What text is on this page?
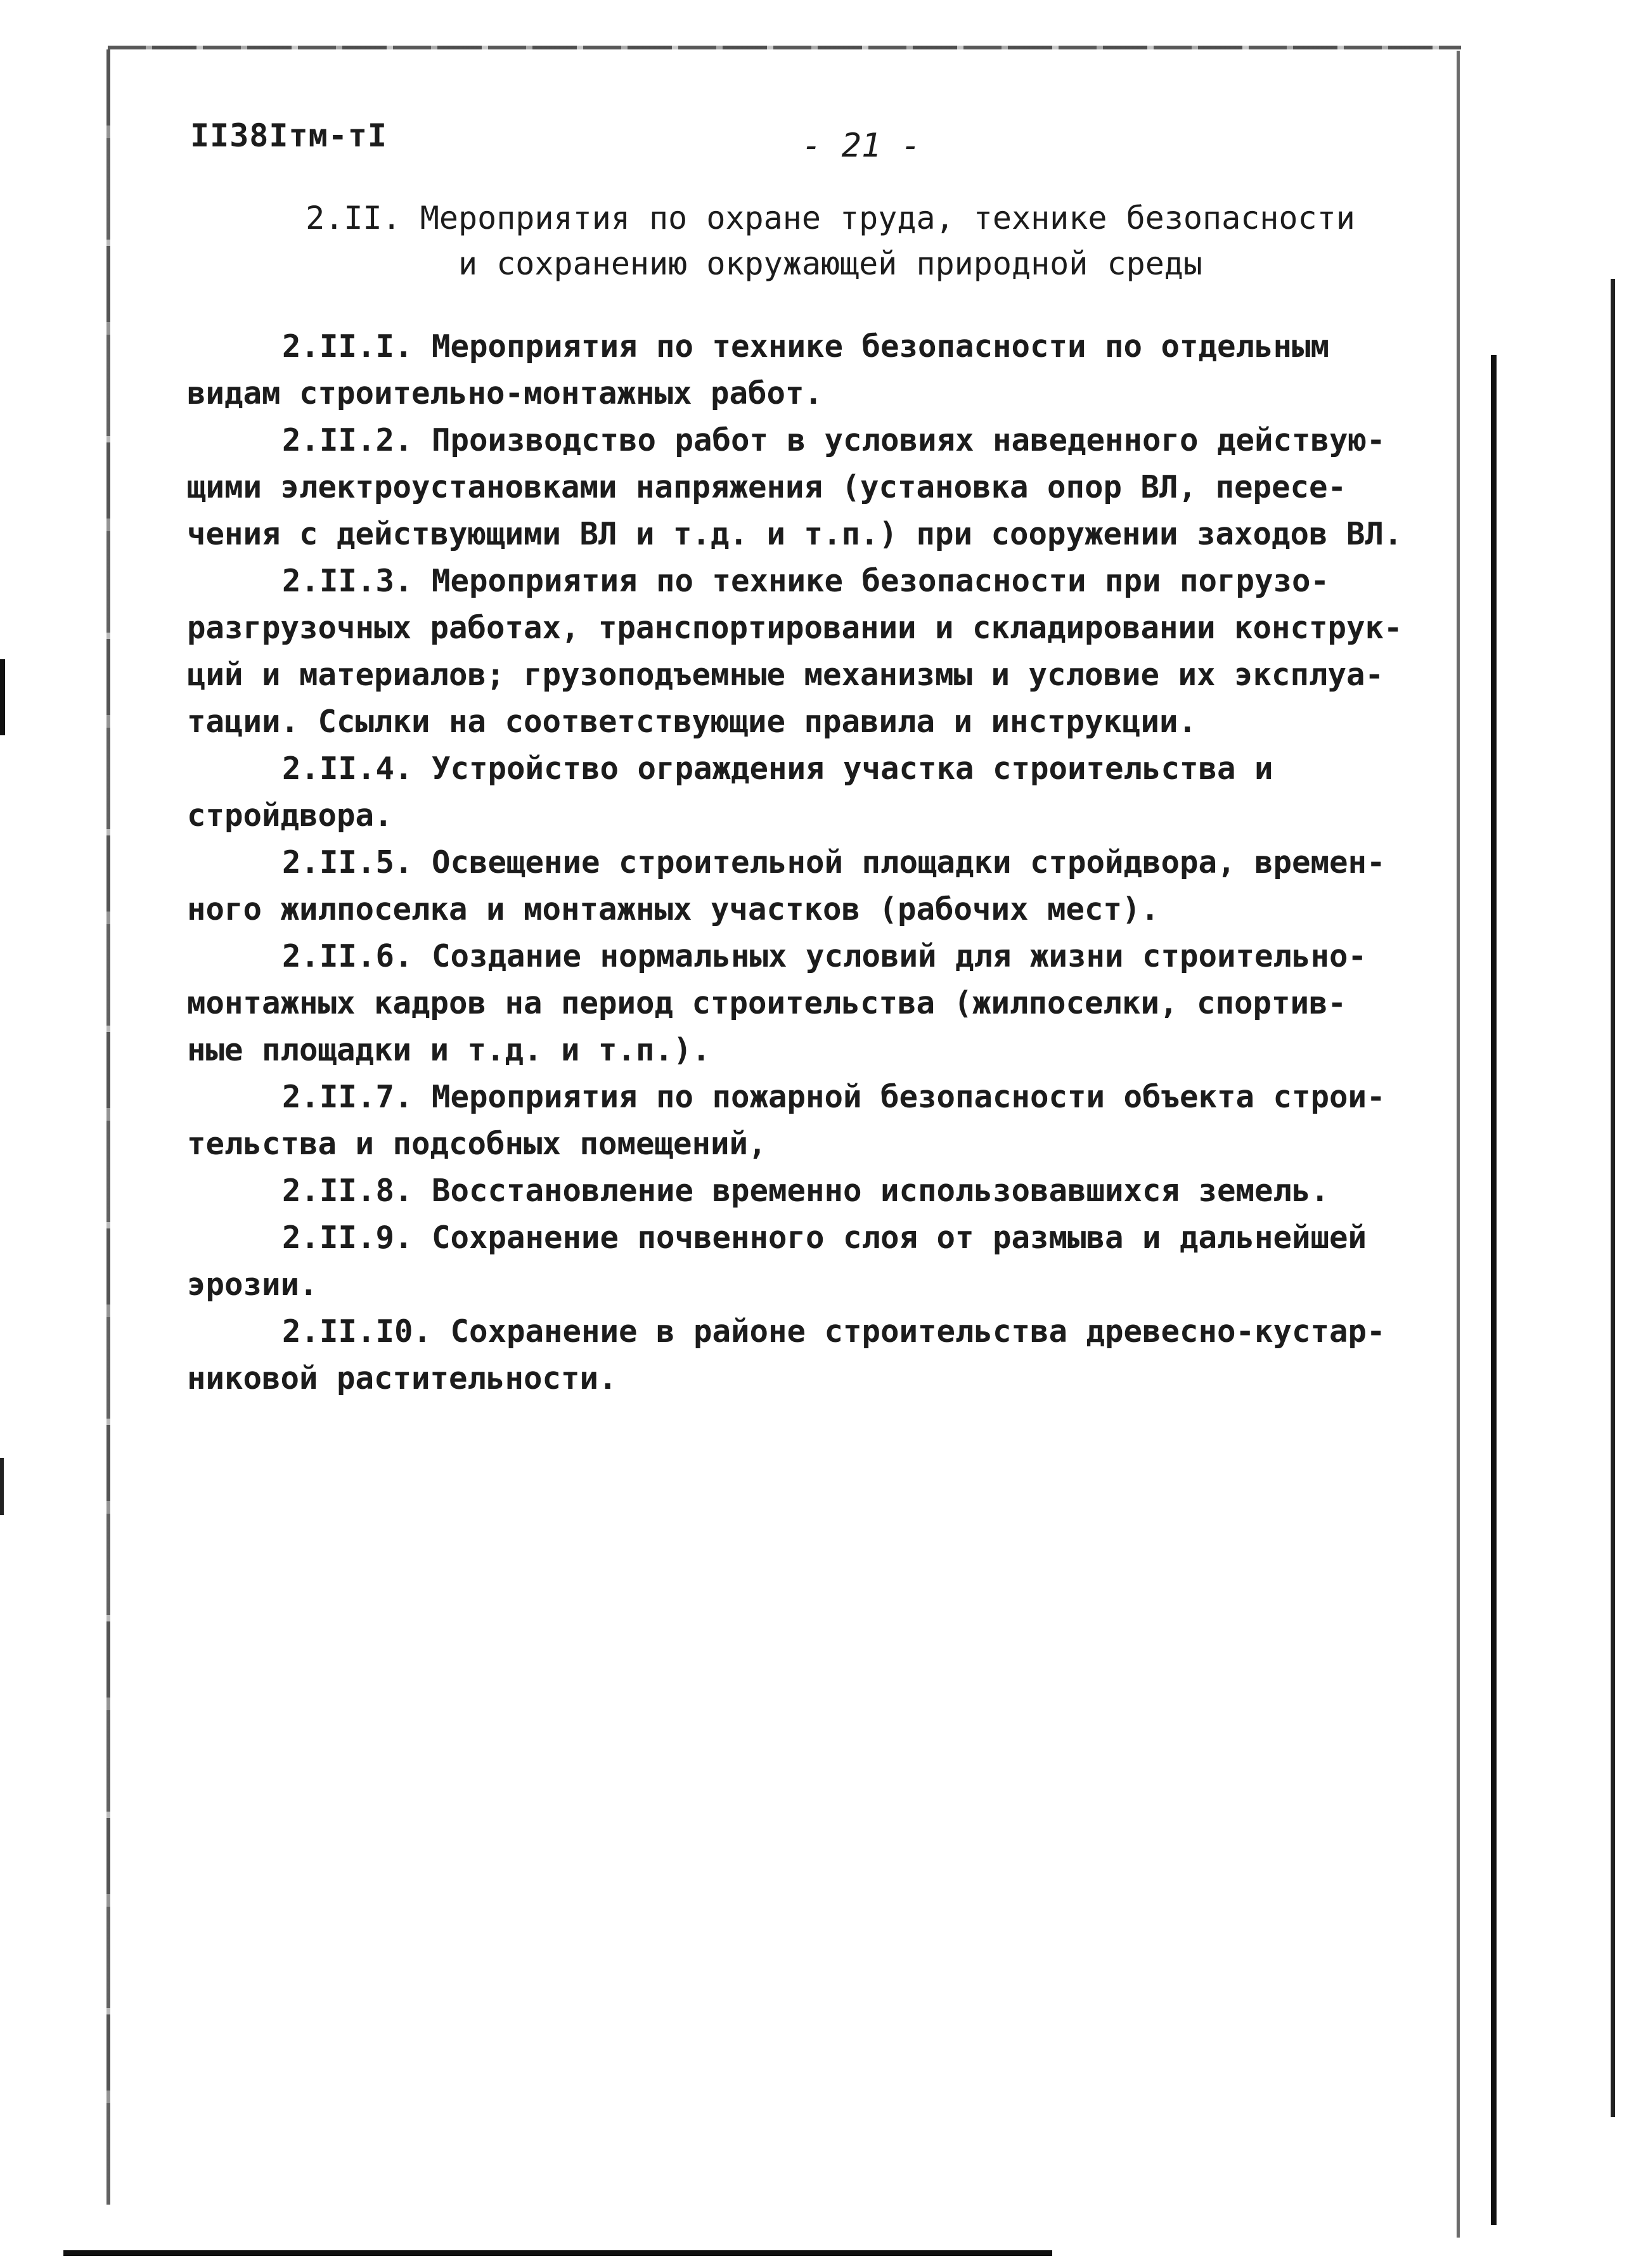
II38Iтм-тI	- 21 -
2.II. Мероприятия по охране труда, технике безопасности
и сохранению окружающей природной среды

2.II.I. Мероприятия по технике безопасности по отдельным
видам строительно-монтажных работ.

2.II.2. Производство работ в условиях наведенного действую-
щими электроустановками напряжения (установка опор ВЛ, пересе-
чения с действующими ВЛ и т.д. и т.п.) при сооружении заходов ВЛ.

2.II.3. Мероприятия по технике безопасности при погрузо-
разгрузочных работах, транспортировании и складировании конструк-
ций и материалов; грузоподъемные механизмы и условие их эксплуа-
тации. Ссылки на соответствующие правила и инструкции.

2.II.4. Устройство ограждения участка строительства и
стройдвора.

2.II.5. Освещение строительной площадки стройдвора, времен-
ного жилпоселка и монтажных участков (рабочих мест).

2.II.6. Создание нормальных условий для жизни строительно-
монтажных кадров на период строительства (жилпоселки, спортив-
ные площадки и т.д. и т.п.).

2.II.7. Мероприятия по пожарной безопасности объекта строи-
тельства и подсобных помещений,

2.II.8. Восстановление временно использовавшихся земель.

2.II.9. Сохранение почвенного слоя от размыва и дальнейшей
эрозии.

2.II.I0. Сохранение в районе строительства древесно-кустар-
никовой растительности.
